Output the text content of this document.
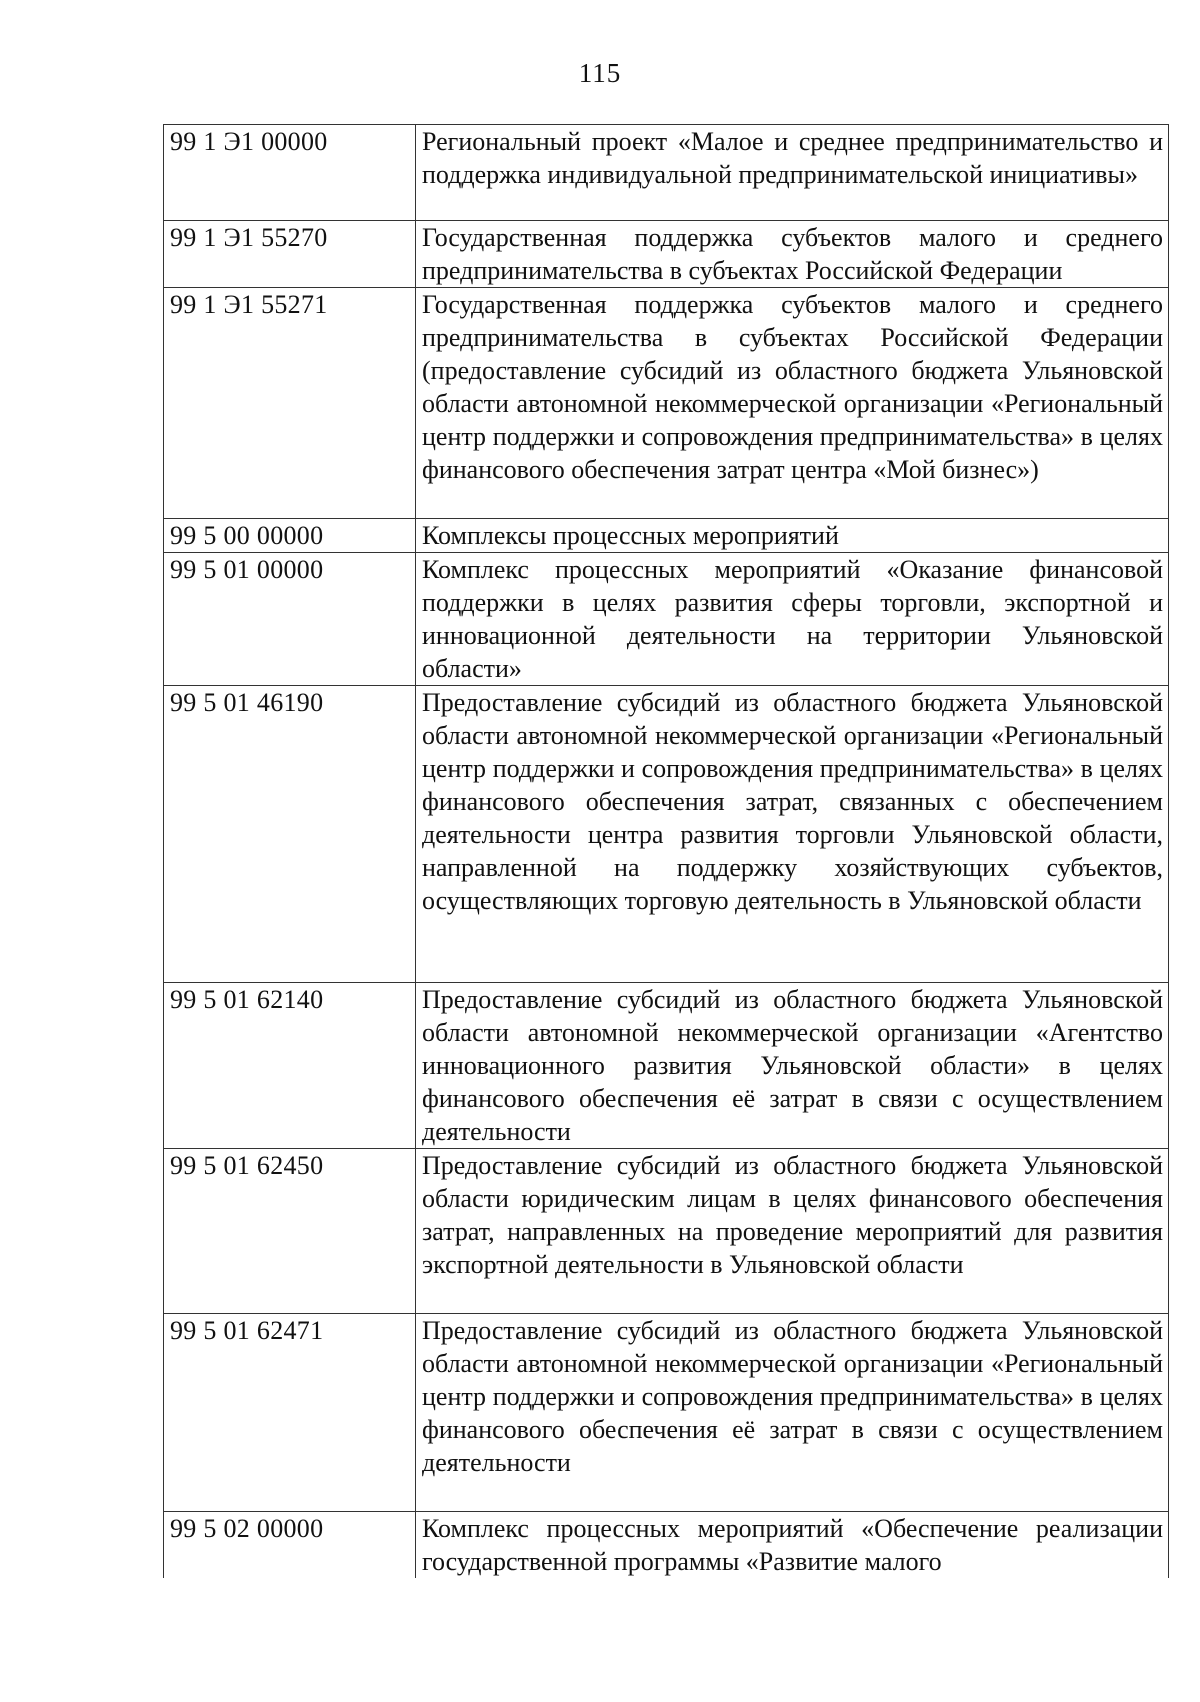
115
99 1 Э1 00000	Региональный проект «Малое и среднее предпринимательство и поддержка индивидуальной предпринимательской инициативы»
99 1 Э1 55270	Государственная поддержка субъектов малого и среднего предпринимательства в субъектах Российской Федерации
99 1 Э1 55271	Государственная поддержка субъектов малого и среднего предпринимательства в субъектах Российской Федерации (предоставление субсидий из областного бюджета Ульяновской области автономной некоммерческой организации «Региональный центр поддержки и сопровождения предпринимательства» в целях финансового обеспечения затрат центра «Мой бизнес»)
99 5 00 00000	Комплексы процессных мероприятий
99 5 01 00000	Комплекс процессных мероприятий «Оказание финансовой поддержки в целях развития сферы торговли, экспортной и инновационной деятельности на территории Ульяновской области»
99 5 01 46190	Предоставление субсидий из областного бюджета Ульяновской области автономной некоммерческой организации «Региональный центр поддержки и сопровождения предпринимательства» в целях финансового обеспечения затрат, связанных с обеспечением деятельности центра развития торговли Ульяновской области, направленной на поддержку хозяйствующих субъектов, осуществляющих торговую деятельность в Ульяновской области
99 5 01 62140	Предоставление субсидий из областного бюджета Ульяновской области автономной некоммерческой организации «Агентство инновационного развития Ульяновской области» в целях финансового обеспечения её затрат в связи с осуществлением деятельности
99 5 01 62450	Предоставление субсидий из областного бюджета Ульяновской области юридическим лицам в целях финансового обеспечения затрат, направленных на проведение мероприятий для развития экспортной деятельности в Ульяновской области
99 5 01 62471	Предоставление субсидий из областного бюджета Ульяновской области автономной некоммерческой организации «Региональный центр поддержки и сопровождения предпринимательства» в целях финансового обеспечения её затрат в связи с осуществлением деятельности
99 5 02 00000	Комплекс процессных мероприятий «Обеспечение реализации государственной программы «Развитие малого
